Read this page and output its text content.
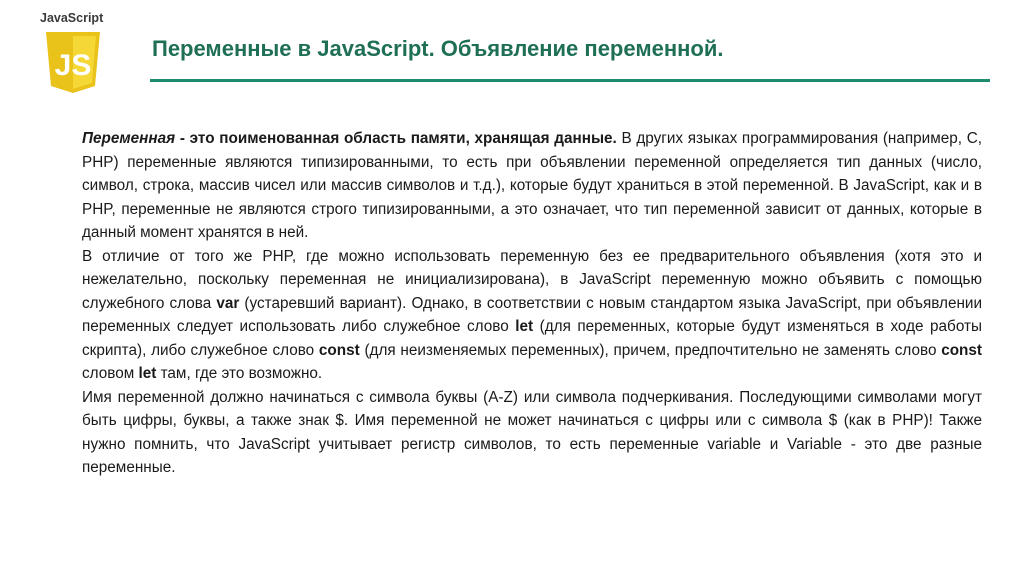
JavaScript
JS
Переменные в JavaScript. Объявление переменной.

Переменная - это поименованная область памяти, хранящая данные. В других языках программирования (например, C, PHP) переменные являются типизированными, то есть при объявлении переменной определяется тип данных (число, символ, строка, массив чисел или массив символов и т.д.), которые будут храниться в этой переменной. В JavaScript, как и в PHP, переменные не являются строго типизированными, а это означает, что тип переменной зависит от данных, которые в данный момент хранятся в ней.

В отличие от того же PHP, где можно использовать переменную без ее предварительного объявления (хотя это и нежелательно, поскольку переменная не инициализирована), в JavaScript переменную можно объявить с помощью служебного слова var (устаревший вариант). Однако, в соответствии с новым стандартом языка JavaScript, при объявлении переменных следует использовать либо служебное слово let (для переменных, которые будут изменяться в ходе работы скрипта), либо служебное слово const (для неизменяемых переменных), причем, предпочтительно не заменять слово const словом let там, где это возможно.

Имя переменной должно начинаться с символа буквы (A-Z) или символа подчеркивания. Последующими символами могут быть цифры, буквы, а также знак $. Имя переменной не может начинаться с цифры или с символа $ (как в PHP)! Также нужно помнить, что JavaScript учитывает регистр символов, то есть переменные variable и Variable - это две разные переменные.
